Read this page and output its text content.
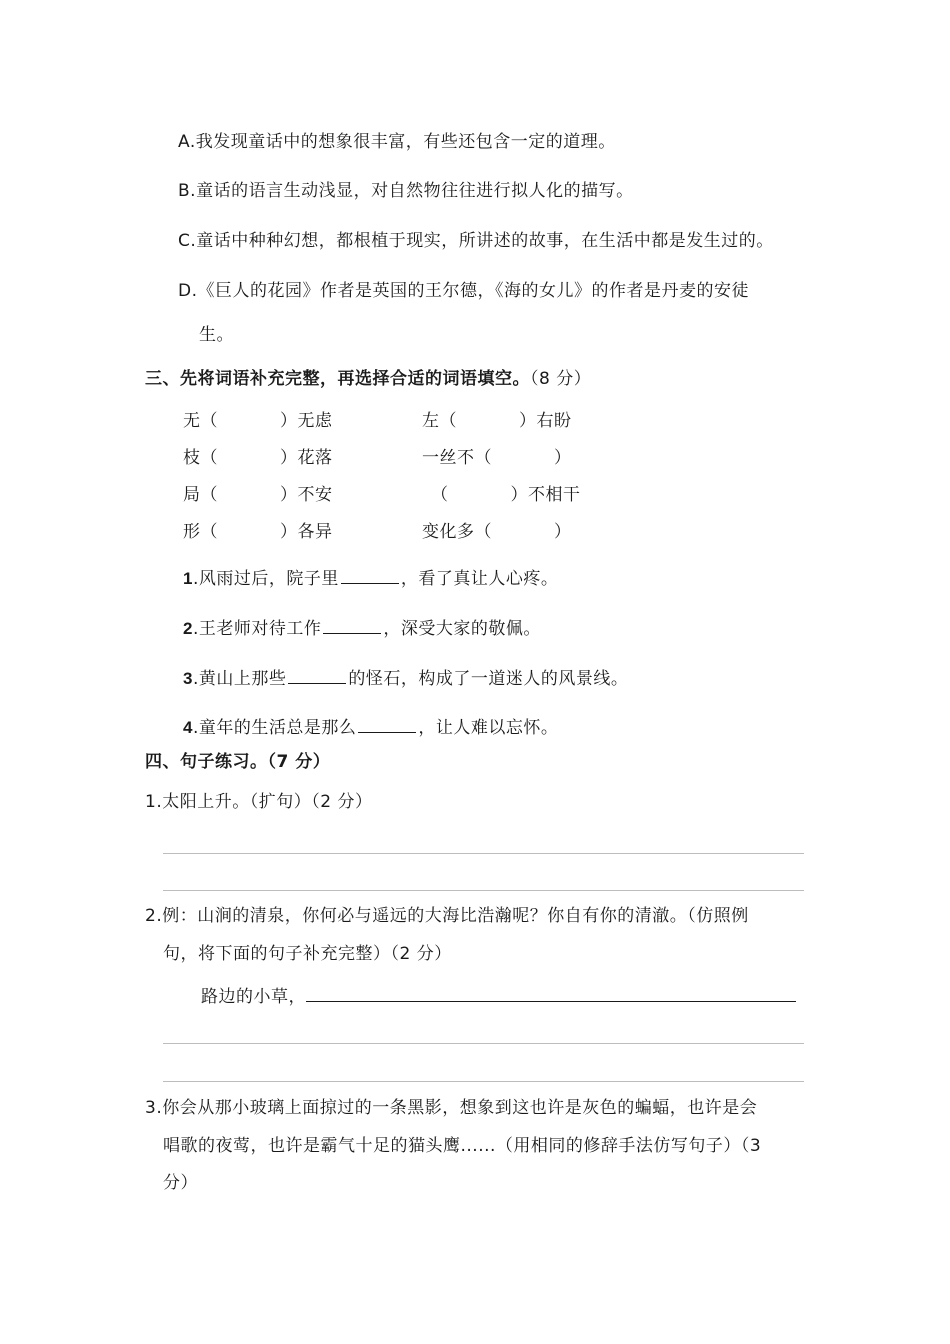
A.我发现童话中的想象很丰富，有些还包含一定的道理。
B.童话的语言生动浅显，对自然物往往进行拟人化的描写。
C.童话中种种幻想，都根植于现实，所讲述的故事，在生活中都是发生过的。
D.《巨人的花园》作者是英国的王尔德，《海的女儿》的作者是丹麦的安徒
生。
三、先将词语补充完整，再选择合适的词语填空。（8 分）
无（	）无虑	左（	）右盼
枝（	）花落	一丝不（	）
局（	）不安	（	）不相干
形（	）各异	变化多（	）
1.风雨过后，院子里	，看了真让人心疼。
2.王老师对待工作	，深受大家的敬佩。
3.黄山上那些	的怪石，构成了一道迷人的风景线。
4.童年的生活总是那么	，让人难以忘怀。
四、句子练习。（7 分）
1.太阳上升。（扩句）（2 分）
2.例：山涧的清泉，你何必与遥远的大海比浩瀚呢？你自有你的清澈。（仿照例
句，将下面的句子补充完整）（2 分）
路边的小草，
3.你会从那小玻璃上面掠过的一条黑影，想象到这也许是灰色的蝙蝠，也许是会
唱歌的夜莺，也许是霸气十足的猫头鹰......（用相同的修辞手法仿写句子）（3
分）
